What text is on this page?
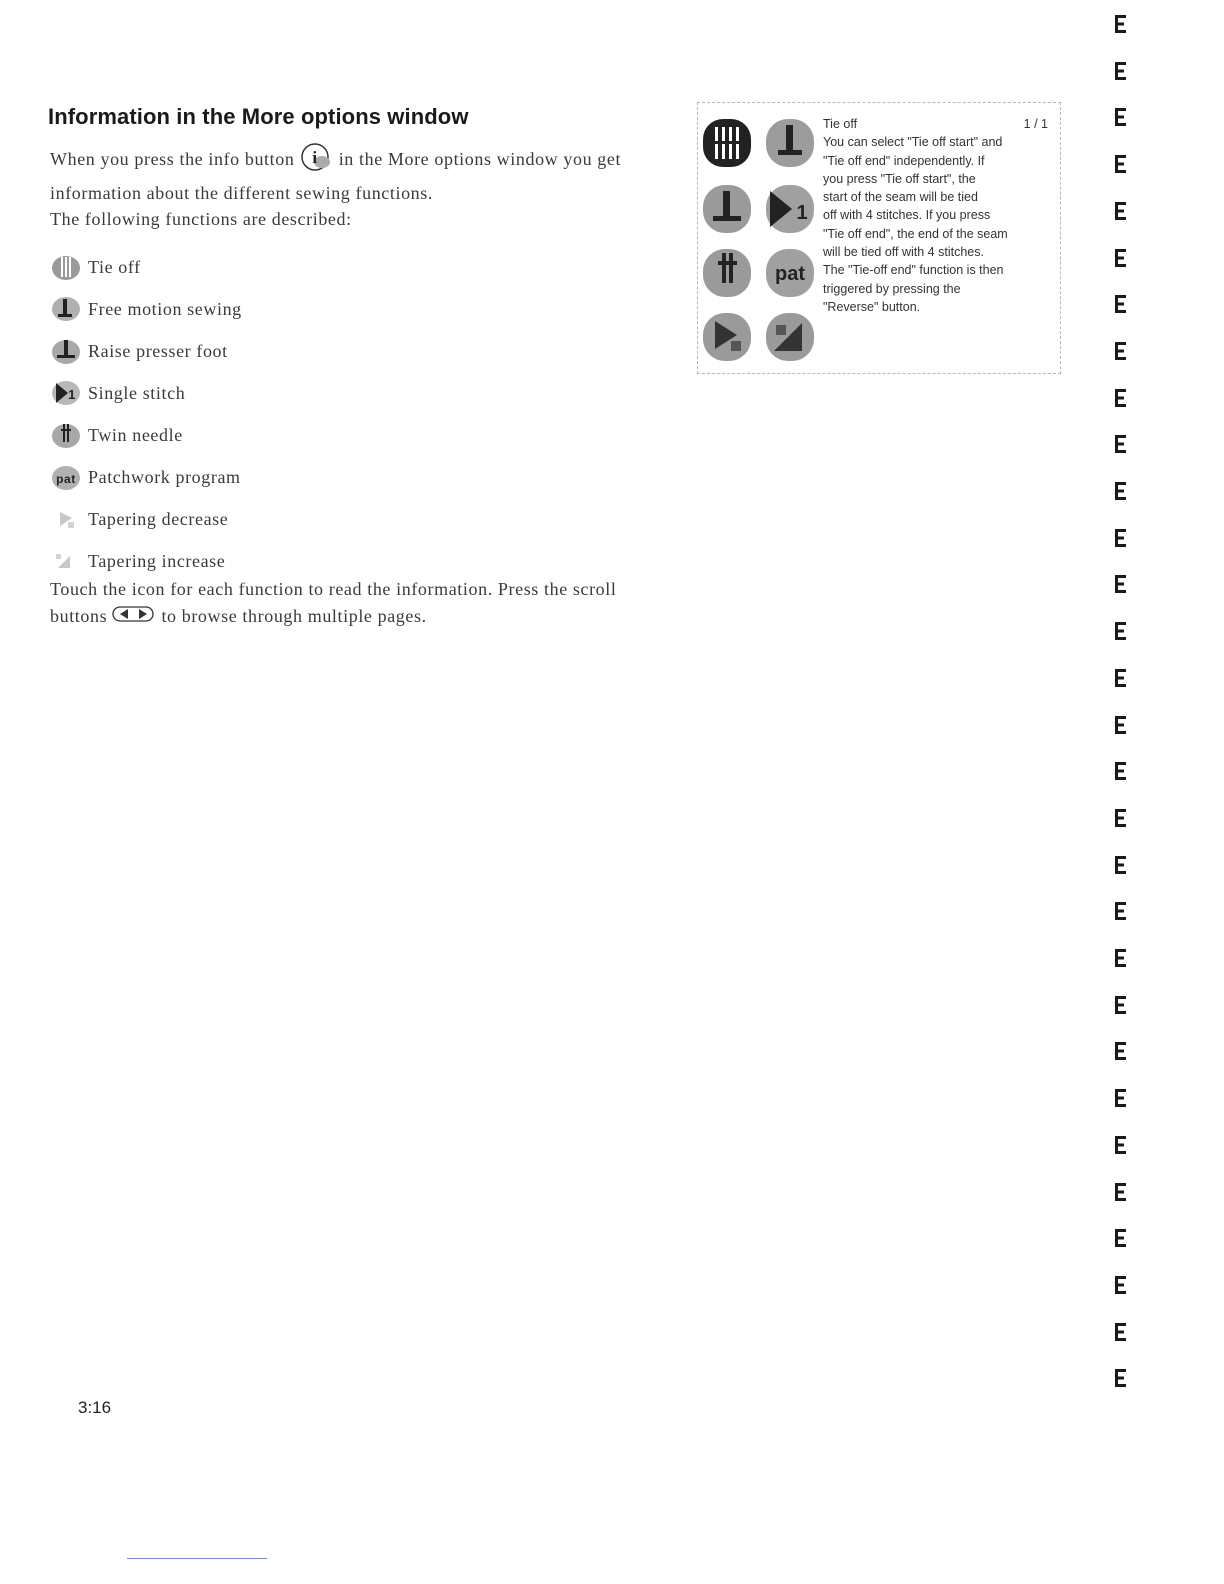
Information in the More options window
When you press the info button i in the More options window you get information about the different sewing functions.
The following functions are described:
Tie off
Free motion sewing
Raise presser foot
1 Single stitch
Twin needle
pat Patchwork program
Tapering decrease
Tapering increase
Touch the icon for each function to read the information. Press the scroll buttons	to browse through multiple pages.
1
pat
Tie off	1 / 1
You can select "Tie off start" and
"Tie off end" independently. If
you press "Tie off start", the
start of the seam will be tied
off with 4 stitches. If you press
"Tie off end", the end of the seam
will be tied off with 4 stitches.
The "Tie-off end" function is then
triggered by pressing the
"Reverse" button.
3:16
